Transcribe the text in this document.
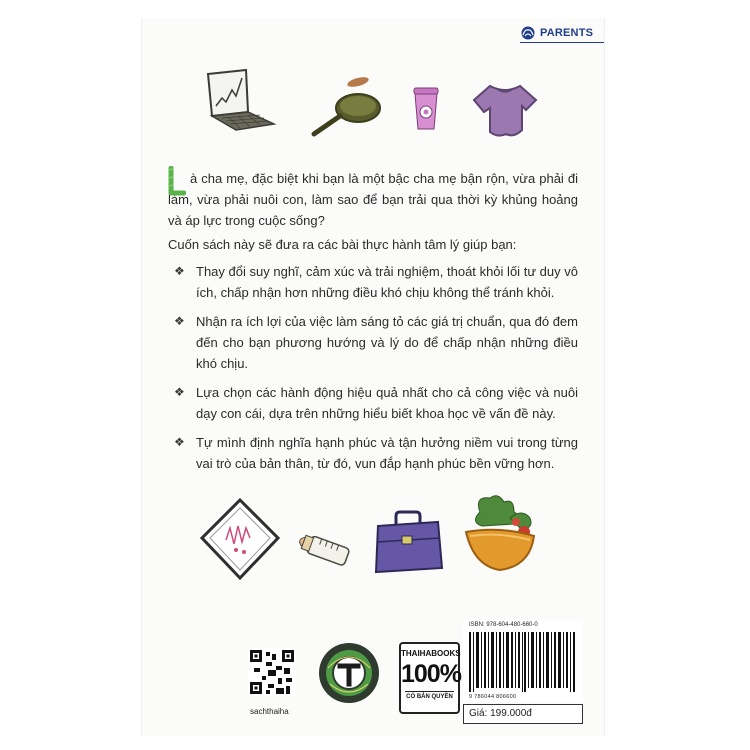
PARENTS

L à cha mẹ, đặc biệt khi bạn là một bậc cha mẹ bận rộn, vừa phải đi làm, vừa phải nuôi con, làm sao để bạn trải qua thời kỳ khủng hoảng và áp lực trong cuộc sống?

Cuốn sách này sẽ đưa ra các bài thực hành tâm lý giúp bạn:

❖ Thay đổi suy nghĩ, cảm xúc và trải nghiệm, thoát khỏi lối tư duy vô ích, chấp nhận hơn những điều khó chịu không thể tránh khỏi.
❖ Nhận ra ích lợi của việc làm sáng tỏ các giá trị chuẩn, qua đó đem đến cho bạn phương hướng và lý do để chấp nhận những điều khó chịu.
❖ Lựa chọn các hành động hiệu quả nhất cho cả công việc và nuôi dạy con cái, dựa trên những hiểu biết khoa học về vấn đề này.
❖ Tự mình định nghĩa hạnh phúc và tận hưởng niềm vui trong từng vai trò của bản thân, từ đó, vun đắp hạnh phúc bền vững hơn.
sachthaiha
THAIHABOOKS
100%
CÓ BẢN QUYỀN
ISBN: 978-604-480-660-0
9 786044 806600
Giá: 199.000đ
